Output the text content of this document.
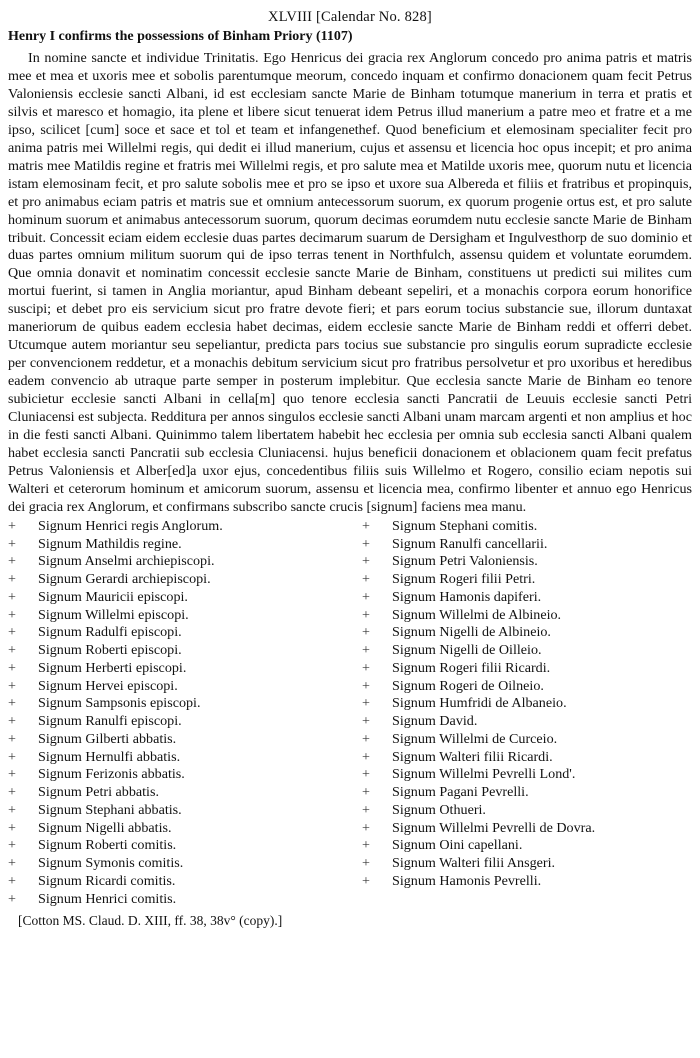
XLVIII [Calendar No. 828]
Henry I confirms the possessions of Binham Priory (1107)

In nomine sancte et individue Trinitatis. Ego Henricus dei gracia rex Anglorum concedo pro anima patris et matris mee et mea et uxoris mee et sobolis parentumque meorum, concedo inquam et confirmo donacionem quam fecit Petrus Valoniensis ecclesie sancti Albani, id est ecclesiam sancte Marie de Binham totumque manerium in terra et pratis et silvis et maresco et homagio, ita plene et libere sicut tenuerat idem Petrus illud manerium a patre meo et fratre et a me ipso, scilicet [cum] soce et sace et tol et team et infangenethef. Quod beneficium et elemosinam specialiter fecit pro anima patris mei Willelmi regis, qui dedit ei illud manerium, cujus et assensu et licencia hoc opus incepit; et pro anima matris mee Matildis regine et fratris mei Willelmi regis, et pro salute mea et Matilde uxoris mee, quorum nutu et licencia istam elemosinam fecit, et pro salute sobolis mee et pro se ipso et uxore sua Albereda et filiis et fratribus et propinquis, et pro animabus eciam patris et matris sue et omnium antecessorum suorum, ex quorum progenie ortus est, et pro salute hominum suorum et animabus antecessorum suorum, quorum decimas eorumdem nutu ecclesie sancte Marie de Binham tribuit. Concessit eciam eidem ecclesie duas partes decimarum suarum de Dersigham et Ingulvesthorp de suo dominio et duas partes omnium militum suorum qui de ipso terras tenent in Northfulch, assensu quidem et voluntate eorumdem. Que omnia donavit et nominatim concessit ecclesie sancte Marie de Binham, constituens ut predicti sui milites cum mortui fuerint, si tamen in Anglia moriantur, apud Binham debeant sepeliri, et a monachis corpora eorum honorifice suscipi; et debet pro eis servicium sicut pro fratre devote fieri; et pars eorum tocius substancie sue, illorum duntaxat maneriorum de quibus eadem ecclesia habet decimas, eidem ecclesie sancte Marie de Binham reddi et offerri debet. Utcumque autem moriantur seu sepeliantur, predicta pars tocius sue substancie pro singulis eorum supradicte ecclesie per convencionem reddetur, et a monachis debitum servicium sicut pro fratribus persolvetur et pro uxoribus et heredibus eadem convencio ab utraque parte semper in posterum implebitur. Que ecclesia sancte Marie de Binham eo tenore subicietur ecclesie sancti Albani in cella[m] quo tenore ecclesia sancti Pancratii de Leuuis ecclesie sancti Petri Cluniacensi est subjecta. Redditura per annos singulos ecclesie sancti Albani unam marcam argenti et non amplius et hoc in die festi sancti Albani. Quinimmo talem libertatem habebit hec ecclesia per omnia sub ecclesia sancti Albani qualem habet ecclesia sancti Pancratii sub ecclesia Cluniacensi. hujus beneficii donacionem et oblacionem quam fecit prefatus Petrus Valoniensis et Alber[ed]a uxor ejus, concedentibus filiis suis Willelmo et Rogero, consilio eciam nepotis sui Walteri et ceterorum hominum et amicorum suorum, assensu et licencia mea, confirmo libenter et annuo ego Henricus dei gracia rex Anglorum, et confirmans subscribo sancte crucis [signum] faciens mea manu.

+	Signum Henrici regis Anglorum.
+	Signum Mathildis regine.
+	Signum Anselmi archiepiscopi.
+	Signum Gerardi archiepiscopi.
+	Signum Mauricii episcopi.
+	Signum Willelmi episcopi.
+	Signum Radulfi episcopi.
+	Signum Roberti episcopi.
+	Signum Herberti episcopi.
+	Signum Hervei episcopi.
+	Signum Sampsonis episcopi.
+	Signum Ranulfi episcopi.
+	Signum Gilberti abbatis.
+	Signum Hernulfi abbatis.
+	Signum Ferizonis abbatis.
+	Signum Petri abbatis.
+	Signum Stephani abbatis.
+	Signum Nigelli abbatis.
+	Signum Roberti comitis.
+	Signum Symonis comitis.
+	Signum Ricardi comitis.
+	Signum Henrici comitis.
+	Signum Stephani comitis.
+	Signum Ranulfi cancellarii.
+	Signum Petri Valoniensis.
+	Signum Rogeri filii Petri.
+	Signum Hamonis dapiferi.
+	Signum Willelmi de Albineio.
+	Signum Nigelli de Albineio.
+	Signum Nigelli de Oilleio.
+	Signum Rogeri filii Ricardi.
+	Signum Rogeri de Oilneio.
+	Signum Humfridi de Albaneio.
+	Signum David.
+	Signum Willelmi de Curceio.
+	Signum Walteri filii Ricardi.
+	Signum Willelmi Pevrelli Lond'.
+	Signum Pagani Pevrelli.
+	Signum Othueri.
+	Signum Willelmi Pevrelli de Dovra.
+	Signum Oini capellani.
+	Signum Walteri filii Ansgeri.
+	Signum Hamonis Pevrelli.
[Cotton MS. Claud. D. XIII, ff. 38, 38v° (copy).]
